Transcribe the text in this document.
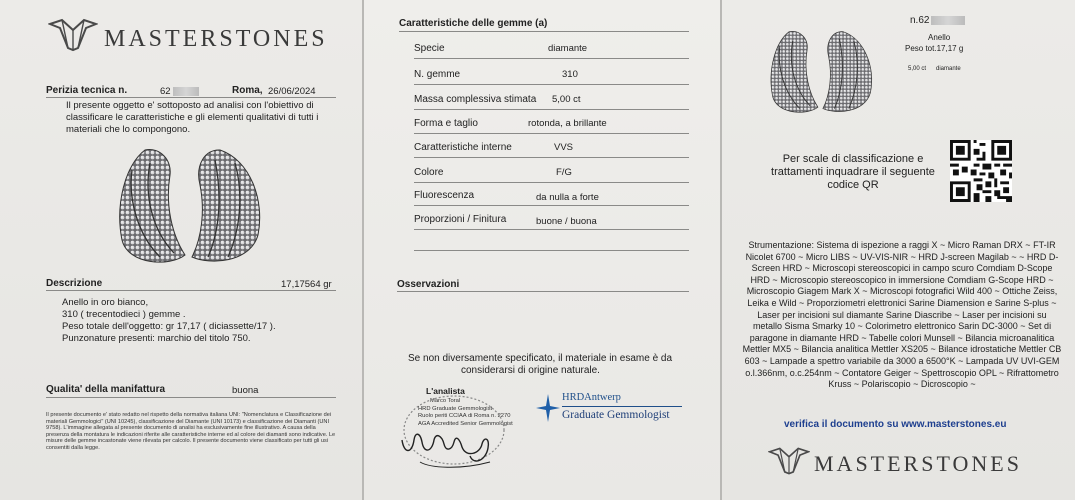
MASTERSTONES
Perizia tecnica n.	62	Roma, 26/06/2024
Il presente oggetto e' sottoposto ad analisi con l'obiettivo di classificare le caratteristiche e gli elementi qualitativi di tutti i materiali che lo compongono.
Descrizione	17,17564 gr
Anello in oro bianco,
310 ( trecentodieci ) gemme .
Peso totale dell'oggetto: gr 17,17 ( diciassette/17 ).
Punzonature presenti: marchio del titolo 750.
Qualita' della manifattura	buona
Il presente documento e' stato redatto nel rispetto della normativa italiana UNI: "Nomenclatura e Classificazione dei materiali Gemmologici" (UNI 10245), classificazione del Diamante (UNI 10173) e classificazione dei Diamanti (UNI 9758). L'immagine allegata al presente documento di analisi ha esclusivamente fine illustrativo. A causa della presenza della montatura le indicazioni riferite alle caratteristiche interne ed al colore dei diamanti sono indicative. Le misure delle gemme incastonate viene rilevata per calcolo. Il presente documento viene classificato per tutti gli usi consentiti dalla legge.
Caratteristiche delle gemme (a)
Specie	diamante
N. gemme	310
Massa complessiva stimata 5,00 ct
Forma e taglio	rotonda, a brillante
Caratteristiche interne	VVS
Colore	F/G
Fluorescenza	da nulla a forte
Proporzioni / Finitura	buone / buona
Osservazioni
Se non diversamente specificato, il materiale in esame è da
considerarsi di origine naturale.
L'analista
Marco Toral
HRD Graduate Gemmologist
Ruolo periti CCIAA di Roma n. 2270
AGA Accredited Senior Gemmologist
HRDAntwerp
Graduate Gemmologist
n.62
Anello
Peso tot.17,17 g
5,00 ct diamante
Per scale di classificazione e
trattamenti inquadrare il seguente
codice QR
Strumentazione: Sistema di ispezione a raggi X ~ Micro Raman DRX ~ FT-IR Nicolet 6700 ~ Micro LIBS ~ UV-VIS-NIR ~ HRD J-screen Magilab ~ ~ HRD D-Screen HRD ~ Microscopi stereoscopici in campo scuro Comdiam D-Scope HRD ~ Microscopio stereoscopico in immersione Comdiam G-Scope HRD ~ Microscopio Giagem Mark X ~ Microscopi fotografici Wild 400 ~ Ottiche Zeiss, Leika e Wild ~ Proporziometri elettronici Sarine Diamension e Sarine S-plus ~ Laser per incisioni sul diamante Sarine Diascribe ~ Laser per incisioni su metallo Sisma Smarky 10 ~ Colorimetro elettronico Sarin DC-3000 ~ Set di paragone in diamante HRD ~ Tabelle colori Munsell ~ Bilancia microanalitica Mettler MX5 ~ Bilancia analitica Mettler XS205 ~ Bilance idrostatiche Mettler CB 603 ~ Lampade a spettro variabile da 3000 a 6500°K ~ Lampada UV UVI-GEM o.l.366nm, o.c.254nm ~ Contatore Geiger ~ Spettroscopio OPL ~ Rifrattometro Kruss ~ Polariscopio ~ Dicroscopio ~
verifica il documento su www.masterstones.eu
MASTERSTONES
